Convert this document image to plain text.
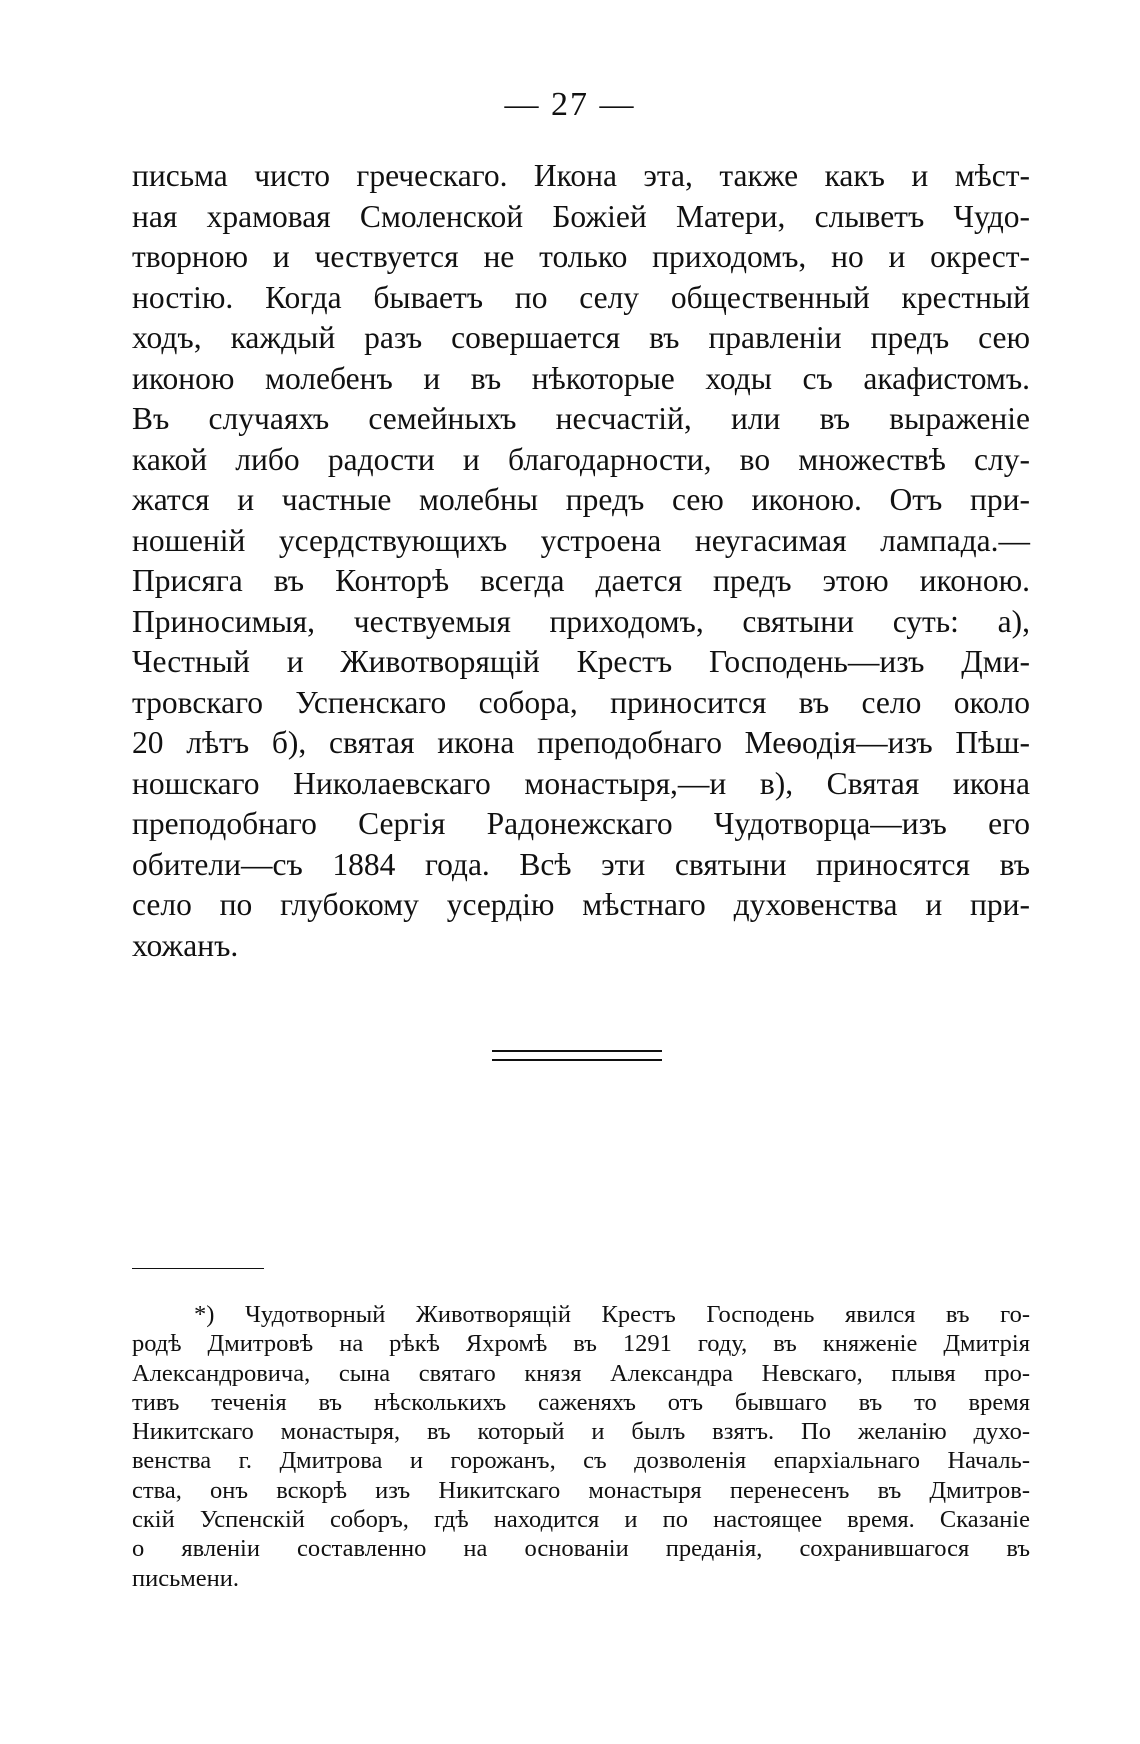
— 27 —
письма чисто греческаго. Икона эта, также какъ и мѣст-
ная храмовая Смоленской Божіей Матери, слыветъ Чудо-
творною и чествуется не только приходомъ, но и окрест-
ностію. Когда бываетъ по селу общественный крестный
ходъ, каждый разъ совершается въ правленіи предъ сею
иконою молебенъ и въ нѣкоторые ходы съ акафистомъ.
Въ случаяхъ семейныхъ несчастій, или въ выраженіе
какой либо радости и благодарности, во множествѣ слу-
жатся и частные молебны предъ сею иконою. Отъ при-
ношеній усердствующихъ устроена неугасимая лампада.—
Присяга въ Конторѣ всегда дается предъ этою иконою.
Приносимыя, чествуемыя приходомъ, святыни суть: а),
Честный и Животворящій Крестъ Господень—изъ Дми-
тровскаго Успенскаго собора, приносится въ село около
20 лѣтъ б), святая икона преподобнаго Меѳодія—изъ Пѣш-
ношскаго Николаевскаго монастыря,—и в), Святая икона
преподобнаго Сергія Радонежскаго Чудотворца—изъ его
обители—съ 1884 года. Всѣ эти святыни приносятся въ
село по глубокому усердію мѣстнаго духовенства и при-
хожанъ.
*) Чудотворный Животворящій Крестъ Господень явился въ го-
родѣ Дмитровѣ на рѣкѣ Яхромѣ въ 1291 году, въ княженіе Дмитрія
Александровича, сына святаго князя Александра Невскаго, плывя про-
тивъ теченія въ нѣсколькихъ саженяхъ отъ бывшаго въ то время
Никитскаго монастыря, въ который и былъ взятъ. По желанію духо-
венства г. Дмитрова и горожанъ, съ дозволенія епархіальнаго Началь-
ства, онъ вскорѣ изъ Никитскаго монастыря перенесенъ въ Дмитров-
скій Успенскій соборъ, гдѣ находится и по настоящее время. Сказаніе
о явленіи составленно на основаніи преданія, сохранившагося въ
письмени.
